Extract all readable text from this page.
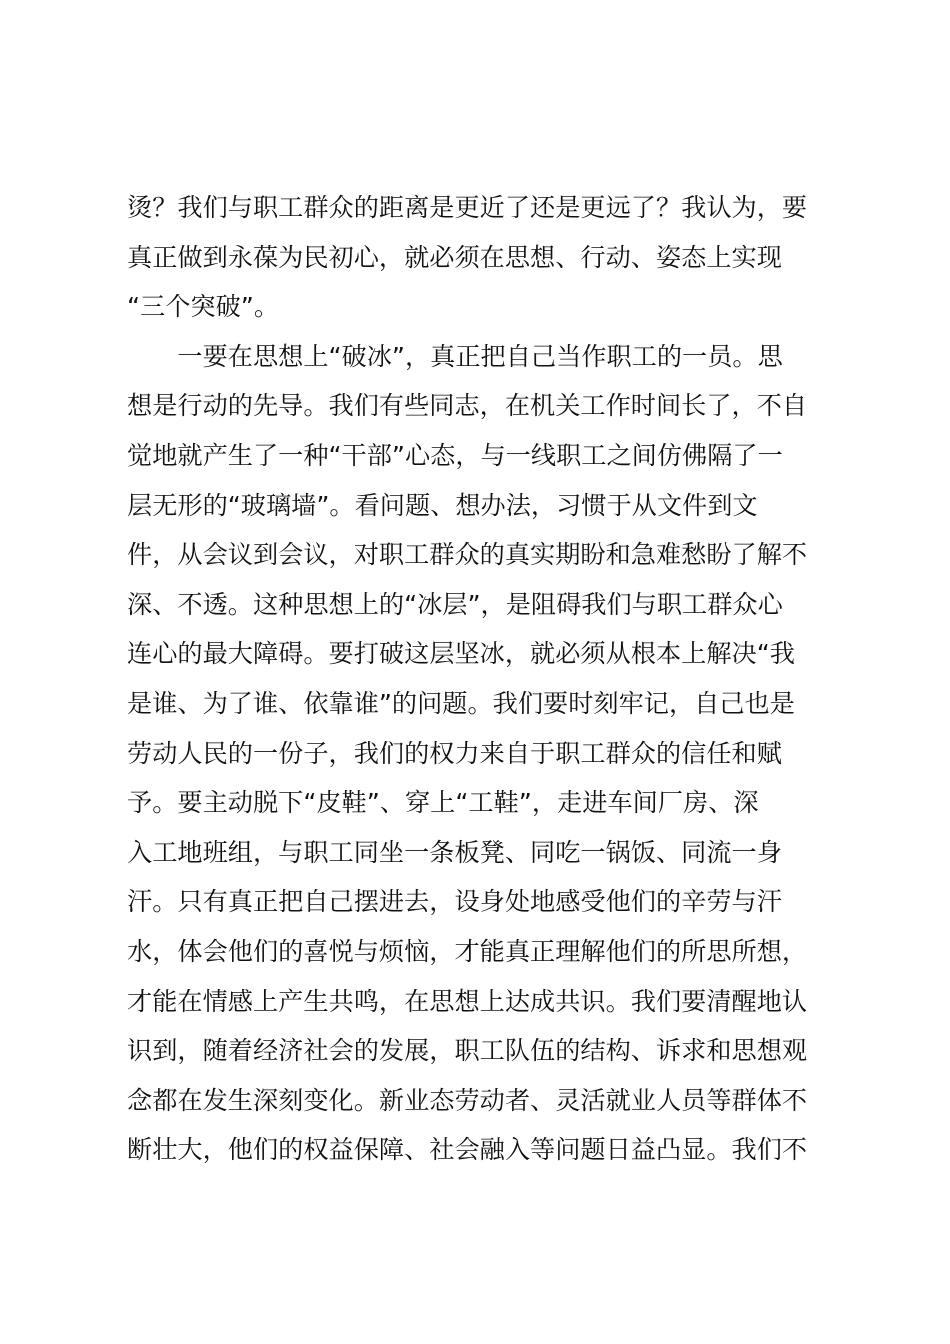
烫？我们与职工群众的距离是更近了还是更远了？我认为，要
真正做到永葆为民初心，就必须在思想、行动、姿态上实现
“三个突破”。
　　一要在思想上“破冰”，真正把自己当作职工的一员。思
想是行动的先导。我们有些同志，在机关工作时间长了，不自
觉地就产生了一种“干部”心态，与一线职工之间仿佛隔了一
层无形的“玻璃墙”。看问题、想办法，习惯于从文件到文
件，从会议到会议，对职工群众的真实期盼和急难愁盼了解不
深、不透。这种思想上的“冰层”，是阻碍我们与职工群众心
连心的最大障碍。要打破这层坚冰，就必须从根本上解决“我
是谁、为了谁、依靠谁”的问题。我们要时刻牢记，自己也是
劳动人民的一份子，我们的权力来自于职工群众的信任和赋
予。要主动脱下“皮鞋”、穿上“工鞋”，走进车间厂房、深
入工地班组，与职工同坐一条板凳、同吃一锅饭、同流一身
汗。只有真正把自己摆进去，设身处地感受他们的辛劳与汗
水，体会他们的喜悦与烦恼，才能真正理解他们的所思所想，
才能在情感上产生共鸣，在思想上达成共识。我们要清醒地认
识到，随着经济社会的发展，职工队伍的结构、诉求和思想观
念都在发生深刻变化。新业态劳动者、灵活就业人员等群体不
断壮大，他们的权益保障、社会融入等问题日益凸显。我们不
